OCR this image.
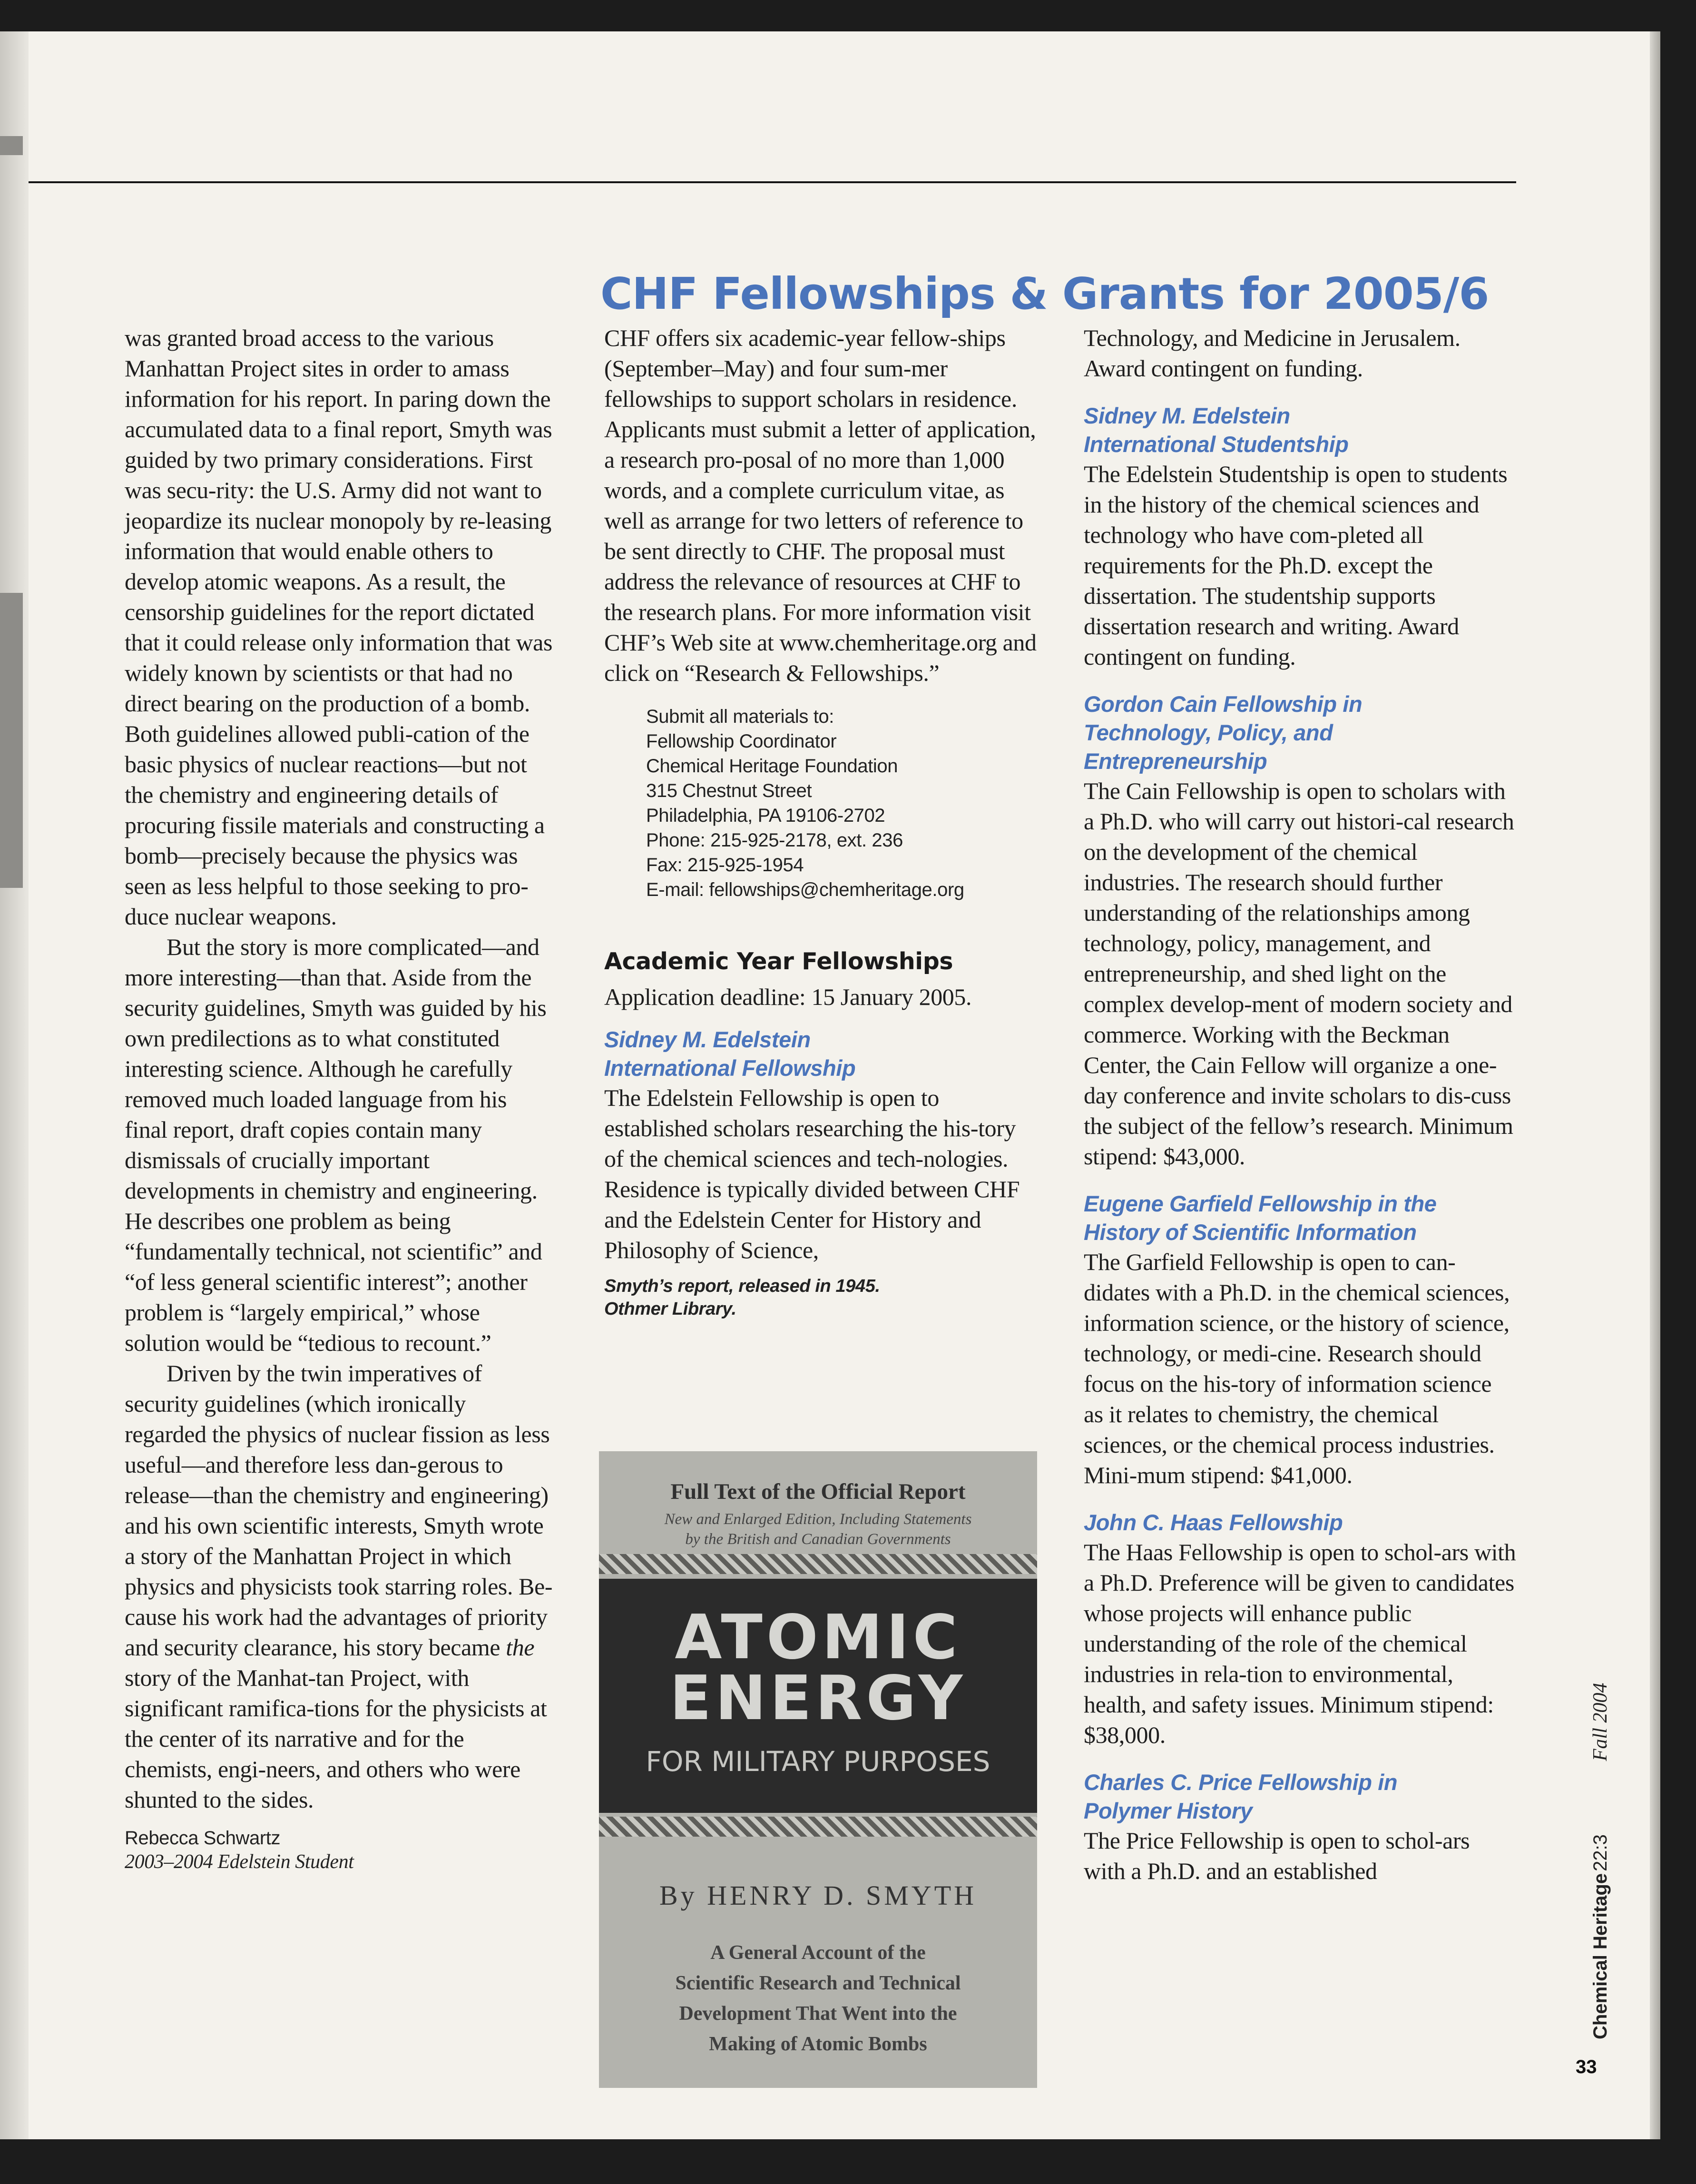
CHF Fellowships & Grants for 2005/6

was granted broad access to the various Manhattan Project sites in order to amass information for his report. In paring down the accumulated data to a final report, Smyth was guided by two primary considerations. First was secu-rity: the U.S. Army did not want to jeopardize its nuclear monopoly by re-leasing information that would enable others to develop atomic weapons. As a result, the censorship guidelines for the report dictated that it could release only information that was widely known by scientists or that had no direct bearing on the production of a bomb. Both guidelines allowed publi-cation of the basic physics of nuclear reactions—but not the chemistry and engineering details of procuring fissile materials and constructing a bomb—precisely because the physics was seen as less helpful to those seeking to pro-duce nuclear weapons.

But the story is more complicated—and more interesting—than that. Aside from the security guidelines, Smyth was guided by his own predilections as to what constituted interesting science. Although he carefully removed much loaded language from his final report, draft copies contain many dismissals of crucially important developments in chemistry and engineering. He describes one problem as being “fundamentally technical, not scientific” and “of less general scientific interest”; another problem is “largely empirical,” whose solution would be “tedious to recount.”

Driven by the twin imperatives of security guidelines (which ironically regarded the physics of nuclear fission as less useful—and therefore less dan-gerous to release—than the chemistry and engineering) and his own scientific interests, Smyth wrote a story of the Manhattan Project in which physics and physicists took starring roles. Be-cause his work had the advantages of priority and security clearance, his story became the story of the Manhat-tan Project, with significant ramifica-tions for the physicists at the center of its narrative and for the chemists, engi-neers, and others who were shunted to the sides.

Rebecca Schwartz
2003–2004 Edelstein Student

CHF offers six academic-year fellow-ships (September–May) and four sum-mer fellowships to support scholars in residence. Applicants must submit a letter of application, a research pro-posal of no more than 1,000 words, and a complete curriculum vitae, as well as arrange for two letters of reference to be sent directly to CHF. The proposal must address the relevance of resources at CHF to the research plans. For more information visit CHF’s Web site at www.chemheritage.org and click on “Research & Fellowships.”

Submit all materials to:
Fellowship Coordinator
Chemical Heritage Foundation
315 Chestnut Street
Philadelphia, PA 19106-2702
Phone: 215-925-2178, ext. 236
Fax: 215-925-1954
E-mail: fellowships@chemheritage.org
Academic Year Fellowships

Application deadline: 15 January 2005.

Sidney M. Edelstein

International Fellowship

The Edelstein Fellowship is open to established scholars researching the his-tory of the chemical sciences and tech-nologies. Residence is typically divided between CHF and the Edelstein Center for History and Philosophy of Science,

Smyth’s report, released in 1945.
Othmer Library.
Full Text of the Official Report
New and Enlarged Edition, Including Statements
by the British and Canadian Governments
ATOMIC
ENERGY
FOR MILITARY PURPOSES
By HENRY D. SMYTH
A General Account of the
Scientific Research and Technical
Development That Went into the
Making of Atomic Bombs

Technology, and Medicine in Jerusalem. Award contingent on funding.

Sidney M. Edelstein

International Studentship

The Edelstein Studentship is open to students in the history of the chemical sciences and technology who have com-pleted all requirements for the Ph.D. except the dissertation. The studentship supports dissertation research and writing. Award contingent on funding.

Gordon Cain Fellowship in

Technology, Policy, and

Entrepreneurship

The Cain Fellowship is open to scholars with a Ph.D. who will carry out histori-cal research on the development of the chemical industries. The research should further understanding of the relationships among technology, policy, management, and entrepreneurship, and shed light on the complex develop-ment of modern society and commerce. Working with the Beckman Center, the Cain Fellow will organize a one-day conference and invite scholars to dis-cuss the subject of the fellow’s research. Minimum stipend: $43,000.

Eugene Garfield Fellowship in the

History of Scientific Information

The Garfield Fellowship is open to can-didates with a Ph.D. in the chemical sciences, information science, or the history of science, technology, or medi-cine. Research should focus on the his-tory of information science as it relates to chemistry, the chemical sciences, or the chemical process industries. Mini-mum stipend: $41,000.

John C. Haas Fellowship

The Haas Fellowship is open to schol-ars with a Ph.D. Preference will be given to candidates whose projects will enhance public understanding of the role of the chemical industries in rela-tion to environmental, health, and safety issues. Minimum stipend: $38,000.

Charles C. Price Fellowship in

Polymer History

The Price Fellowship is open to schol-ars with a Ph.D. and an established

Chemical Heritage 22:3 Fall 2004
33
